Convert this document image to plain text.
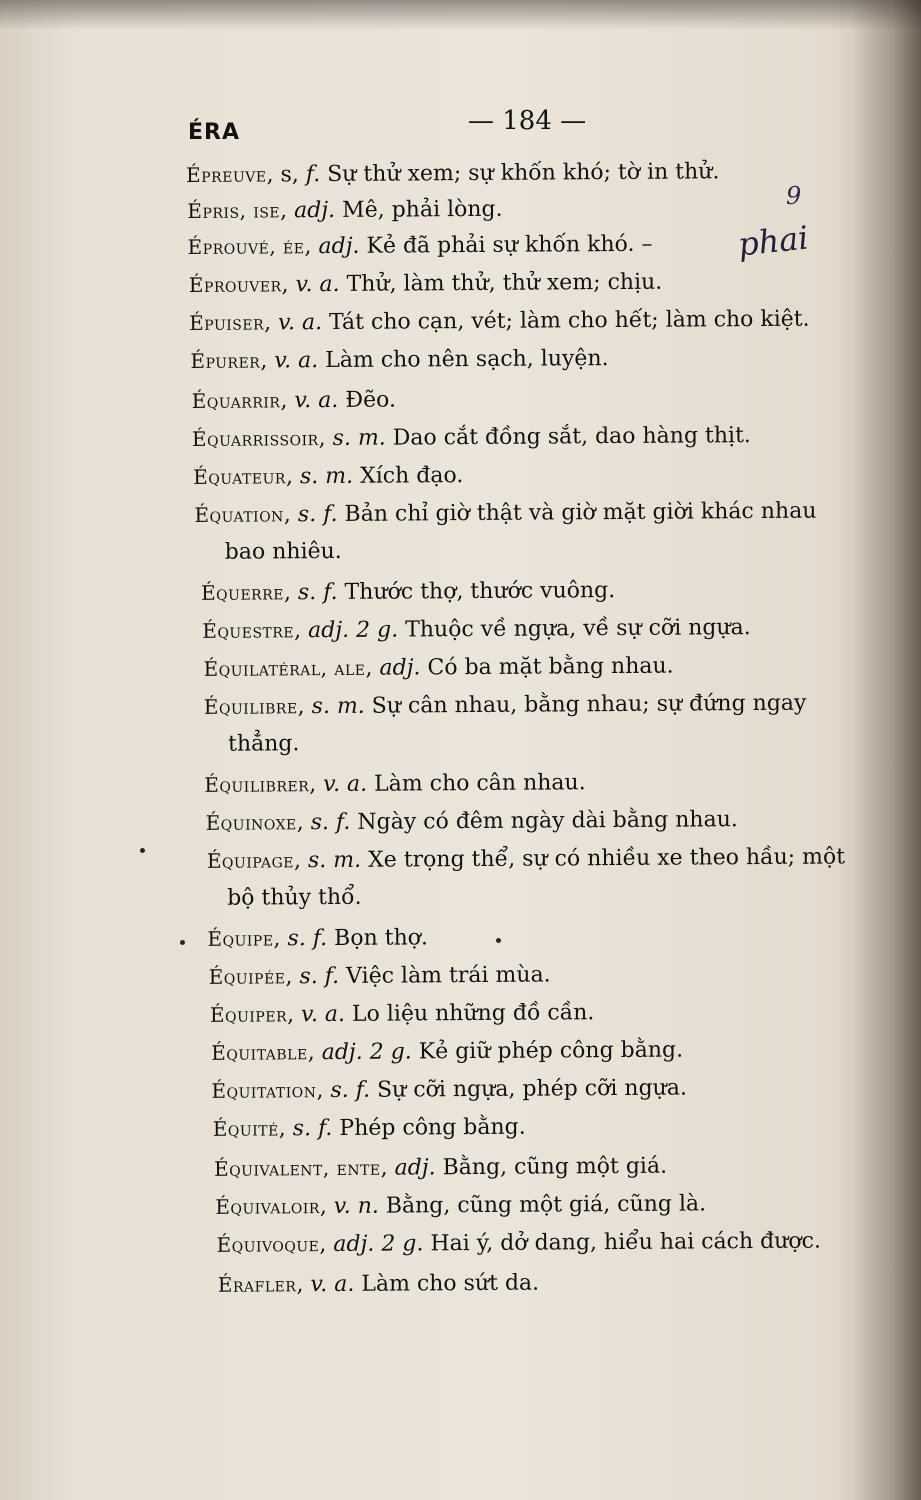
ÉRA	— 184 —
9
phai
Épreuve, s, f. Sự thử xem; sự khốn khó; tờ in thử.
Épris, ise, adj. Mê, phải lòng.
Éprouvé, ée, adj. Kẻ đã phải sự khốn khó. –
Éprouver, v. a. Thử, làm thử, thử xem; chịu.
Épuiser, v. a. Tát cho cạn, vét; làm cho hết; làm cho kiệt.
Épurer, v. a. Làm cho nên sạch, luyện.
Équarrir, v. a. Đẽo.
Équarrissoir, s. m. Dao cắt đồng sắt, dao hàng thịt.
Équateur, s. m. Xích đạo.
Équation, s. f. Bản chỉ giờ thật và giờ mặt giời khác nhau
bao nhiêu.
Équerre, s. f. Thước thợ, thước vuông.
Équestre, adj. 2 g. Thuộc về ngựa, về sự cỡi ngựa.
Équilatéral, ale, adj. Có ba mặt bằng nhau.
Équilibre, s. m. Sự cân nhau, bằng nhau; sự đứng ngay
thẳng.
Équilibrer, v. a. Làm cho cân nhau.
Équinoxe, s. f. Ngày có đêm ngày dài bằng nhau.
Équipage, s. m. Xe trọng thể, sự có nhiều xe theo hầu; một
bộ thủy thổ.
Équipe, s. f. Bọn thợ.
Équipée, s. f. Việc làm trái mùa.
Équiper, v. a. Lo liệu những đồ cần.
Équitable, adj. 2 g. Kẻ giữ phép công bằng.
Équitation, s. f. Sự cỡi ngựa, phép cỡi ngựa.
Équité, s. f. Phép công bằng.
Équivalent, ente, adj. Bằng, cũng một giá.
Équivaloir, v. n. Bằng, cũng một giá, cũng là.
Équivoque, adj. 2 g. Hai ý, dở dang, hiểu hai cách được.
Érafler, v. a. Làm cho sứt da.
